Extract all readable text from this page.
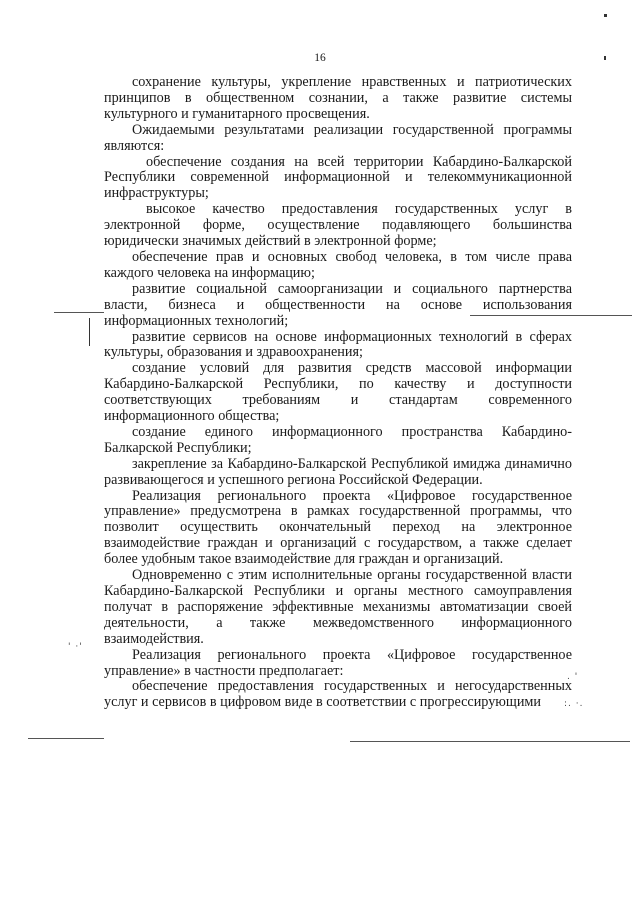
' ·'
. '
:. ·.
16

сохранение культуры, укрепление нравственных и патриотических принципов в общественном сознании, а также развитие системы культурного и гуманитарного просвещения.

Ожидаемыми результатами реализации государственной программы являются:

обеспечение создания на всей территории Кабардино-Балкарской Республики современной информационной и телекоммуникационной инфраструктуры;

высокое качество предоставления государственных услуг в электронной форме, осуществление подавляющего большинства юридически значимых действий в электронной форме;

обеспечение прав и основных свобод человека, в том числе права каждого человека на информацию;

развитие социальной самоорганизации и социального партнерства власти, бизнеса и общественности на основе использования информационных технологий;

развитие сервисов на основе информационных технологий в сферах культуры, образования и здравоохранения;

создание условий для развития средств массовой информации Кабардино-Балкарской Республики, по качеству и доступности соответствующих требованиям и стандартам современного информационного общества;

создание единого информационного пространства Кабардино-Балкарской Республики;

закрепление за Кабардино-Балкарской Республикой имиджа динамично развивающегося и успешного региона Российской Федерации.

Реализация регионального проекта «Цифровое государственное управление» предусмотрена в рамках государственной программы, что позволит осуществить окончательный переход на электронное взаимодействие граждан и организаций с государством, а также сделает более удобным такое взаимодействие для граждан и организаций.

Одновременно с этим исполнительные органы государственной власти Кабардино-Балкарской Республики и органы местного самоуправления получат в распоряжение эффективные механизмы автоматизации своей деятельности, а также межведомственного информационного взаимодействия.

Реализация регионального проекта «Цифровое государственное управление» в частности предполагает:

обеспечение предоставления государственных и негосударственных услуг и сервисов в цифровом виде в соответствии с прогрессирующими
